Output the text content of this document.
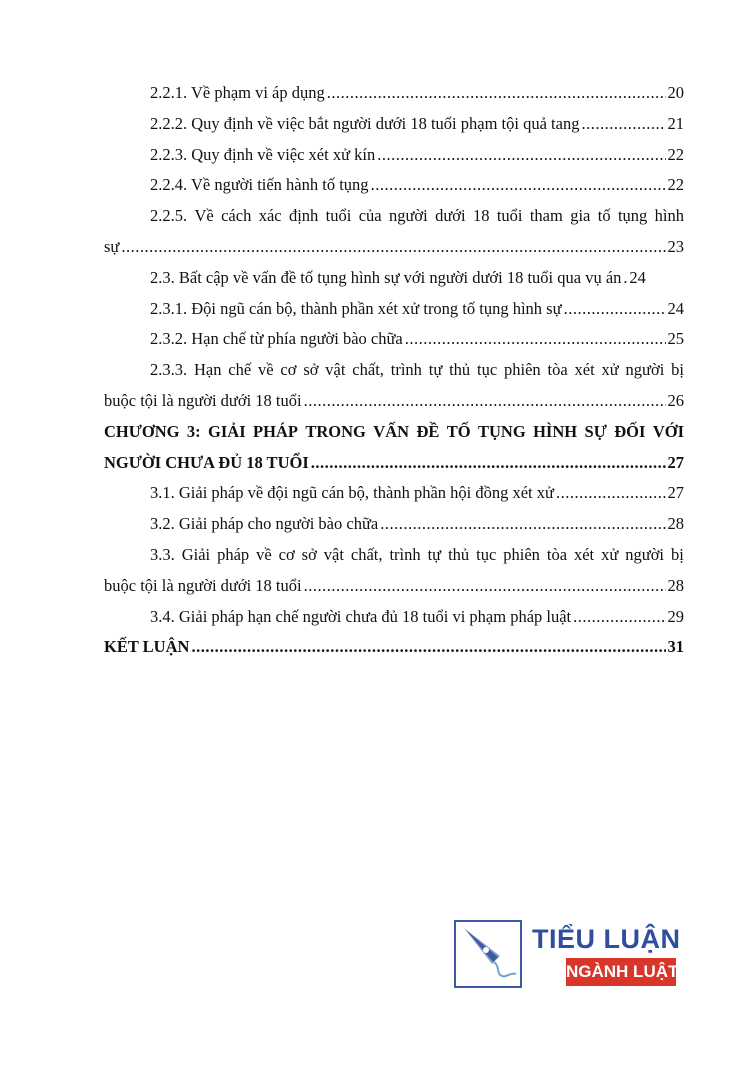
2.2.1. Về phạm vi áp dụng .....	20
2.2.2. Quy định về việc bắt người dưới 18 tuổi phạm tội quả tang .....	21
2.2.3. Quy định về việc xét xử kín .....	22
2.2.4. Về người tiến hành tố tụng .....	22
2.2.5. Về cách xác định tuổi của người dưới 18 tuổi tham gia tố tụng hình
sự .....	23
2.3. Bất cập về vấn đề tố tụng hình sự với người dưới 18 tuổi qua vụ án ..... 24
2.3.1. Đội ngũ cán bộ, thành phần xét xử trong tố tụng hình sự .....	24
2.3.2. Hạn chế từ phía người bào chữa .....	25
2.3.3. Hạn chế về cơ sở vật chất, trình tự thủ tục phiên tòa xét xử người bị
buộc tội là người dưới 18 tuổi .....	26
CHƯƠNG 3: GIẢI PHÁP TRONG VẤN ĐỀ TỐ TỤNG HÌNH SỰ ĐỐI VỚI
NGƯỜI CHƯA ĐỦ 18 TUỔI .....	27
3.1. Giải pháp về đội ngũ cán bộ, thành phần hội đồng xét xử .....	27
3.2. Giải pháp cho người bào chữa .....	28
3.3. Giải pháp về cơ sở vật chất, trình tự thủ tục phiên tòa xét xử người bị
buộc tội là người dưới 18 tuổi .....	28
3.4. Giải pháp hạn chế người chưa đủ 18 tuổi vi phạm pháp luật .....	29
KẾT LUẬN .....	31
TIỂU LUẬN
NGÀNH LUẬT
